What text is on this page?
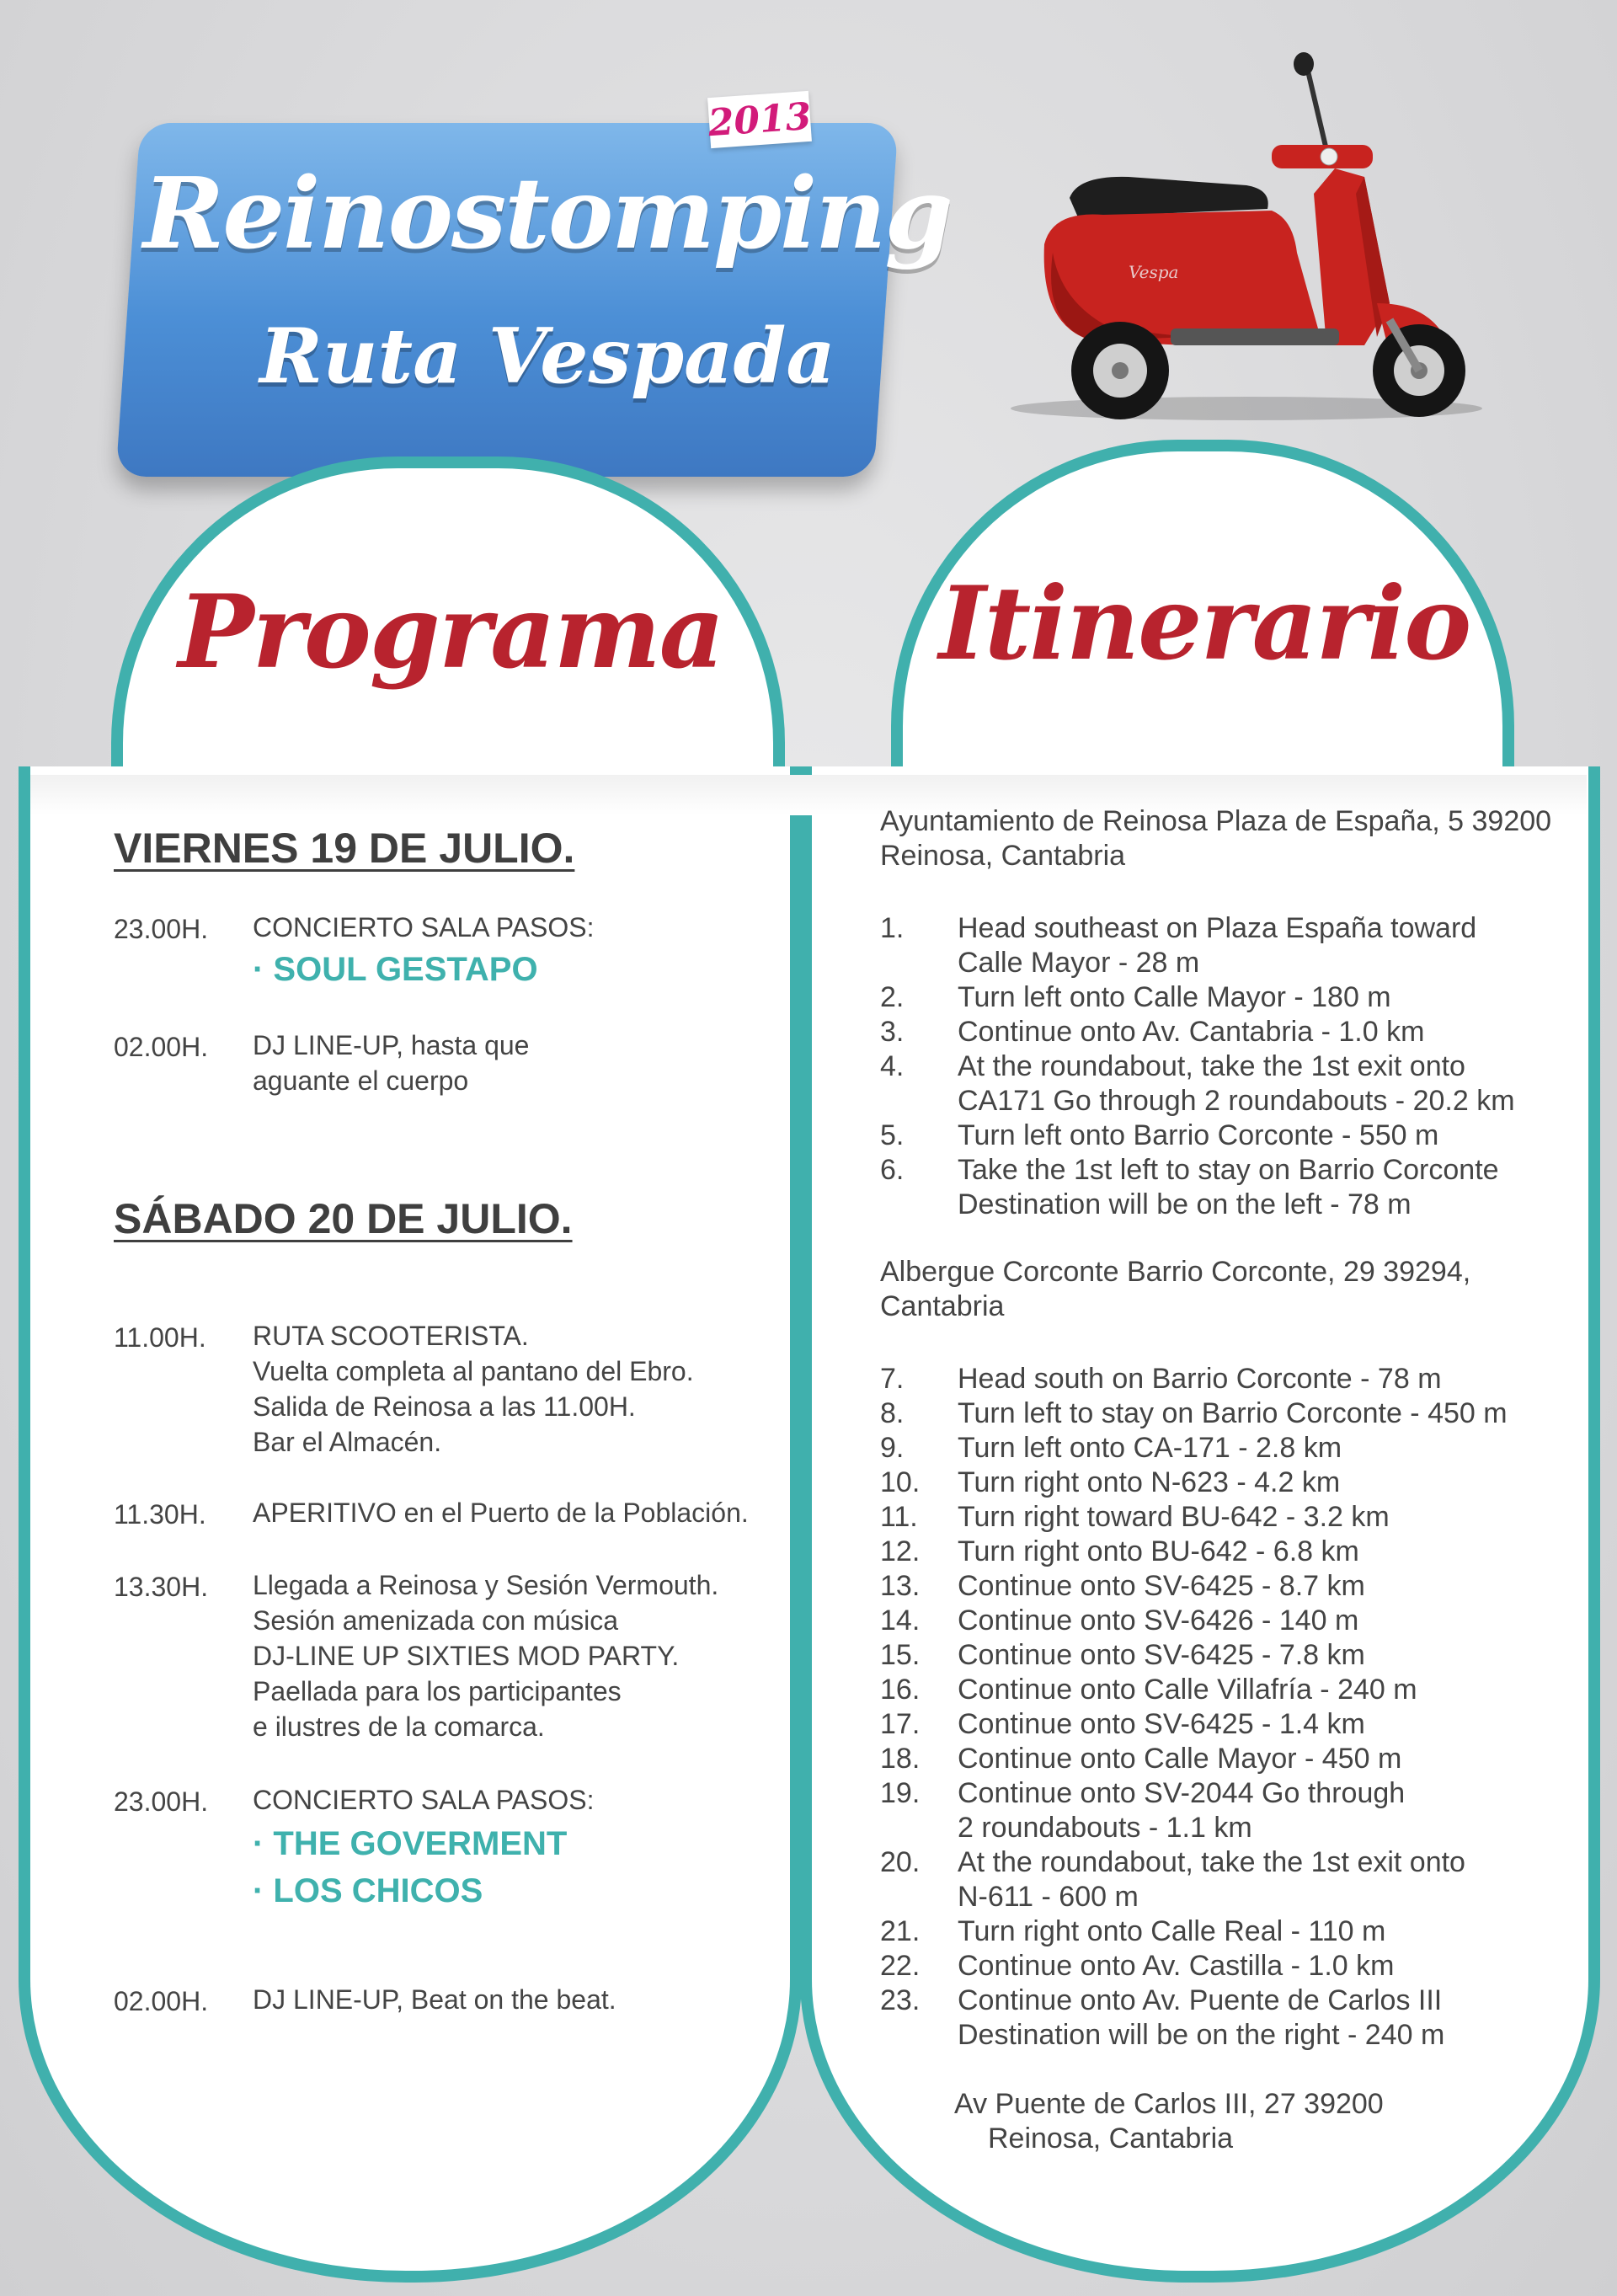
2013
Reinostomping
Ruta Vespada
Vespa
Programa	Itinerario
VIERNES 19 DE JULIO.
23.00H. CONCIERTO SALA PASOS:
· SOUL GESTAPO
02.00H. DJ LINE-UP, hasta que
aguante el cuerpo
SÁBADO 20 DE JULIO.
11.00H. RUTA SCOOTERISTA.
Vuelta completa al pantano del Ebro.
Salida de Reinosa a las 11.00H.
Bar el Almacén.
11.30H. APERITIVO en el Puerto de la Población.
13.30H. Llegada a Reinosa y Sesión Vermouth.
Sesión amenizada con música
DJ-LINE UP SIXTIES MOD PARTY.
Paellada para los participantes
e ilustres de la comarca.
23.00H. CONCIERTO SALA PASOS:
· THE GOVERMENT
· LOS CHICOS
02.00H. DJ LINE-UP, Beat on the beat.
Ayuntamiento de Reinosa Plaza de España, 5 39200
Reinosa, Cantabria
1.	Head southeast on Plaza España toward
Calle Mayor - 28 m
2.	Turn left onto Calle Mayor - 180 m
3.	Continue onto Av. Cantabria - 1.0 km
4.	At the roundabout, take the 1st exit onto
CA171 Go through 2 roundabouts - 20.2 km
5.	Turn left onto Barrio Corconte - 550 m
6.	Take the 1st left to stay on Barrio Corconte
Destination will be on the left - 78 m
Albergue Corconte Barrio Corconte, 29 39294,
Cantabria
7.	Head south on Barrio Corconte - 78 m
8.	Turn left to stay on Barrio Corconte - 450 m
9.	Turn left onto CA-171 - 2.8 km
10.	Turn right onto N-623 - 4.2 km
11.	Turn right toward BU-642 - 3.2 km
12.	Turn right onto BU-642 - 6.8 km
13.	Continue onto SV-6425 - 8.7 km
14.	Continue onto SV-6426 - 140 m
15.	Continue onto SV-6425 - 7.8 km
16.	Continue onto Calle Villafría - 240 m
17.	Continue onto SV-6425 - 1.4 km
18.	Continue onto Calle Mayor - 450 m
19.	Continue onto SV-2044 Go through
2 roundabouts - 1.1 km
20.	At the roundabout, take the 1st exit onto
N-611 - 600 m
21.	Turn right onto Calle Real - 110 m
22.	Continue onto Av. Castilla - 1.0 km
23.	Continue onto Av. Puente de Carlos III
Destination will be on the right - 240 m
Av Puente de Carlos III, 27 39200
Reinosa, Cantabria
